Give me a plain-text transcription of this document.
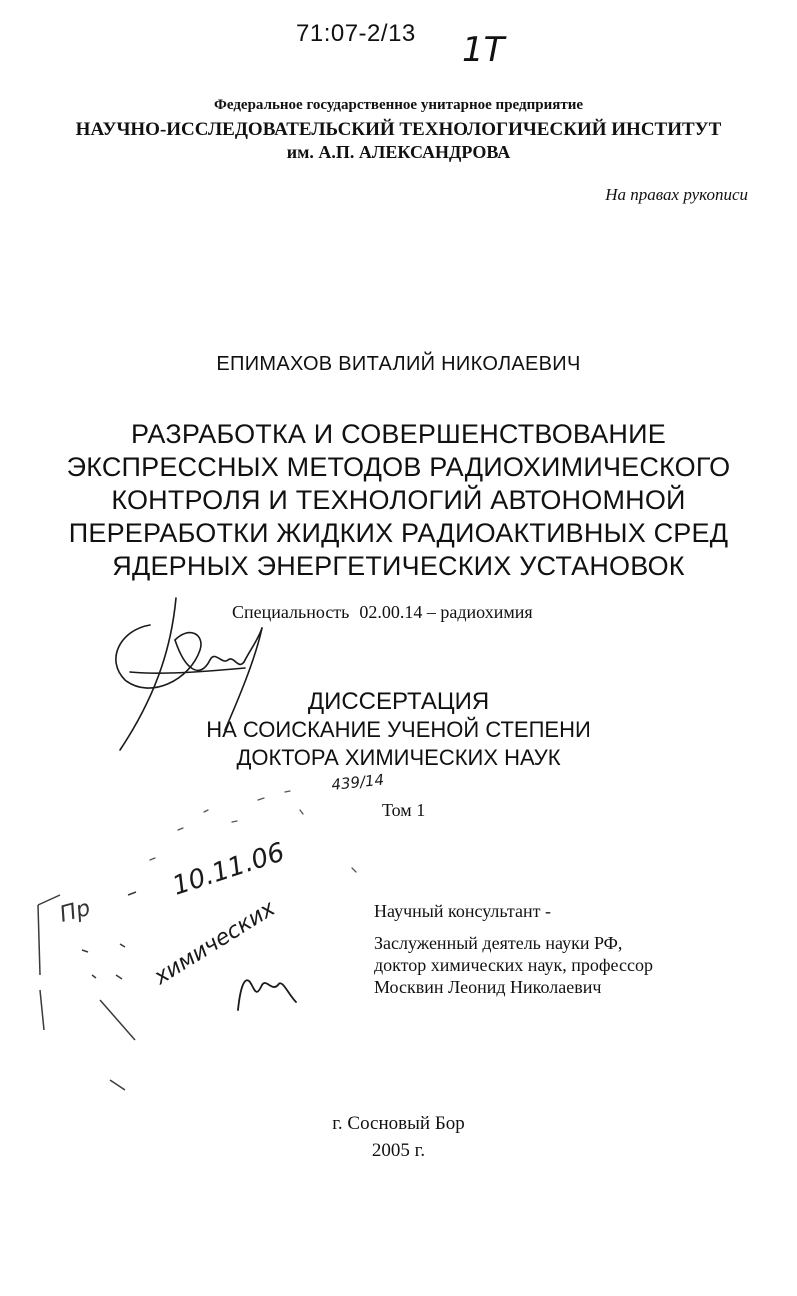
71:07-2/13 1T
Федеральное государственное унитарное предприятие
НАУЧНО-ИССЛЕДОВАТЕЛЬСКИЙ ТЕХНОЛОГИЧЕСКИЙ ИНСТИТУТ
им. А.П. АЛЕКСАНДРОВА
На правах рукописи
ЕПИМАХОВ ВИТАЛИЙ НИКОЛАЕВИЧ
РАЗРАБОТКА И СОВЕРШЕНСТВОВАНИЕ
ЭКСПРЕССНЫХ МЕТОДОВ РАДИОХИМИЧЕСКОГО
КОНТРОЛЯ И ТЕХНОЛОГИЙ АВТОНОМНОЙ
ПЕРЕРАБОТКИ ЖИДКИХ РАДИОАКТИВНЫХ СРЕД
ЯДЕРНЫХ ЭНЕРГЕТИЧЕСКИХ УСТАНОВОК
Специальность 02.00.14 – радиохимия
ДИССЕРТАЦИЯ
НА СОИСКАНИЕ УЧЕНОЙ СТЕПЕНИ
ДОКТОРА ХИМИЧЕСКИХ НАУК
Том 1
Научный консультант -
Заслуженный деятель науки РФ,
доктор химических наук, профессор
Москвин Леонид Николаевич
г. Сосновый Бор
2005 г.
439/14
10.11.06
Пр	химических
